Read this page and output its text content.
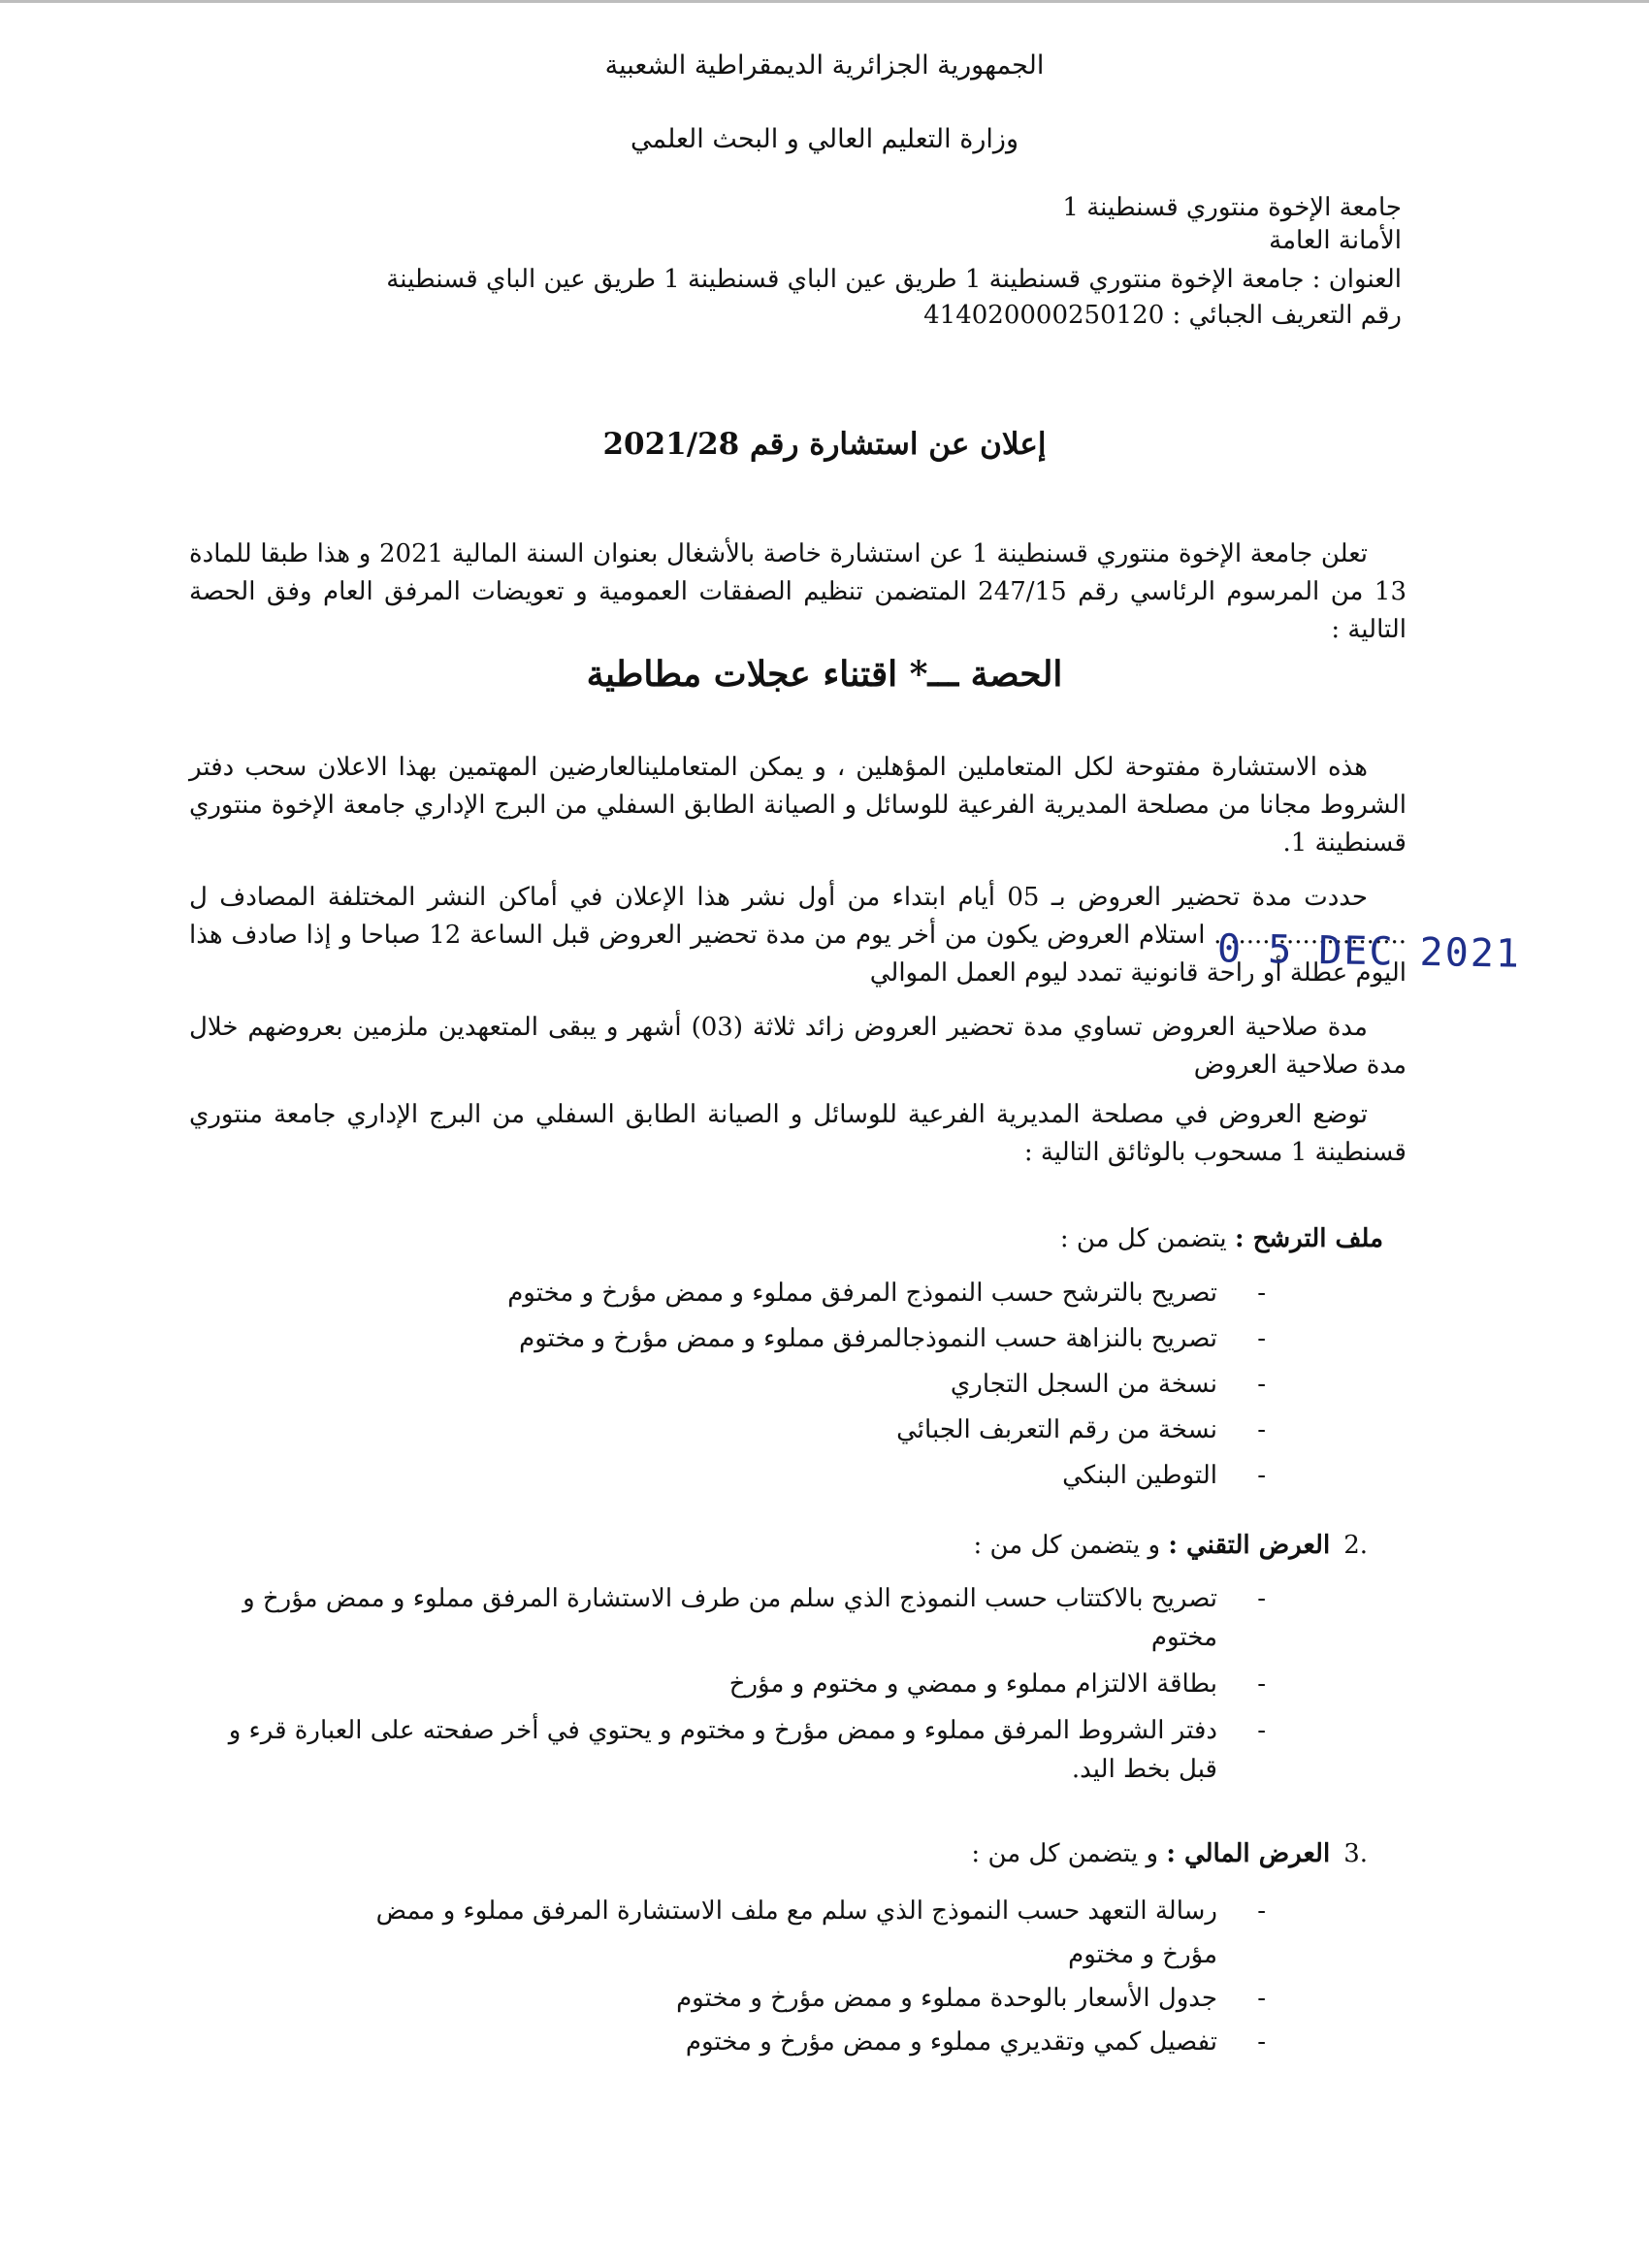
الجمهورية الجزائرية الديمقراطية الشعبية
وزارة التعليم العالي و البحث العلمي
جامعة الإخوة منتوري قسنطينة 1
الأمانة العامة
العنوان : جامعة الإخوة منتوري قسنطينة 1 طريق عين الباي قسنطينة 1 طريق عين الباي قسنطينة
رقم التعريف الجبائي : 414020000250120
إعلان عن استشارة رقم 2021/28
تعلن جامعة الإخوة منتوري قسنطينة 1 عن استشارة خاصة بالأشغال بعنوان السنة المالية 2021 و هذا طبقا للمادة 13 من المرسوم الرئاسي رقم 247/15 المتضمن تنظيم الصفقات العمومية و تعويضات المرفق العام وفق الحصة التالية :
الحصة ـــ* اقتناء عجلات مطاطية
هذه الاستشارة مفتوحة لكل المتعاملين المؤهلين ، و يمكن المتعاملينالعارضين المهتمين بهذا الاعلان سحب دفتر الشروط مجانا من مصلحة المديرية الفرعية للوسائل و الصيانة الطابق السفلي من البرج الإداري جامعة الإخوة منتوري قسنطينة 1.
حددت مدة تحضير العروض بـ 05 أيام ابتداء من أول نشر هذا الإعلان في أماكن النشر المختلفة المصادف ل ...................... . استلام العروض يكون من أخر يوم من مدة تحضير العروض قبل الساعة 12 صباحا و إذا صادف هذا اليوم عطلة أو راحة قانونية تمدد ليوم العمل الموالي
مدة صلاحية العروض تساوي مدة تحضير العروض زائد ثلاثة (03) أشهر و يبقى المتعهدين ملزمين بعروضهم خلال مدة صلاحية العروض
توضع العروض في مصلحة المديرية الفرعية للوسائل و الصيانة الطابق السفلي من البرج الإداري جامعة منتوري قسنطينة 1 مسحوب بالوثائق التالية :
0 5 DEC 2021
ملف الترشح : يتضمن كل من :
-
تصريح بالترشح حسب النموذج المرفق مملوء و ممض مؤرخ و مختوم
-
تصريح بالنزاهة حسب النموذجالمرفق مملوء و ممض مؤرخ و مختوم
-
نسخة من السجل التجاري
-
نسخة من رقم التعربف الجبائي
-
التوطين البنكي
.2العرض التقني : و يتضمن كل من :
-
تصريح بالاكتتاب حسب النموذج الذي سلم من طرف الاستشارة المرفق مملوء و ممض مؤرخ و مختوم
-
بطاقة الالتزام مملوء و ممضي و مختوم و مؤرخ
-
دفتر الشروط المرفق مملوء و ممض مؤرخ و مختوم و يحتوي في أخر صفحته على العبارة قرء و قبل بخط اليد.
.3العرض المالي : و يتضمن كل من :
-
رسالة التعهد حسب النموذج الذي سلم مع ملف الاستشارة المرفق مملوء و ممض مؤرخ و مختوم
-
جدول الأسعار بالوحدة مملوء و ممض مؤرخ و مختوم
-
تفصيل كمي وتقديري مملوء و ممض مؤرخ و مختوم
